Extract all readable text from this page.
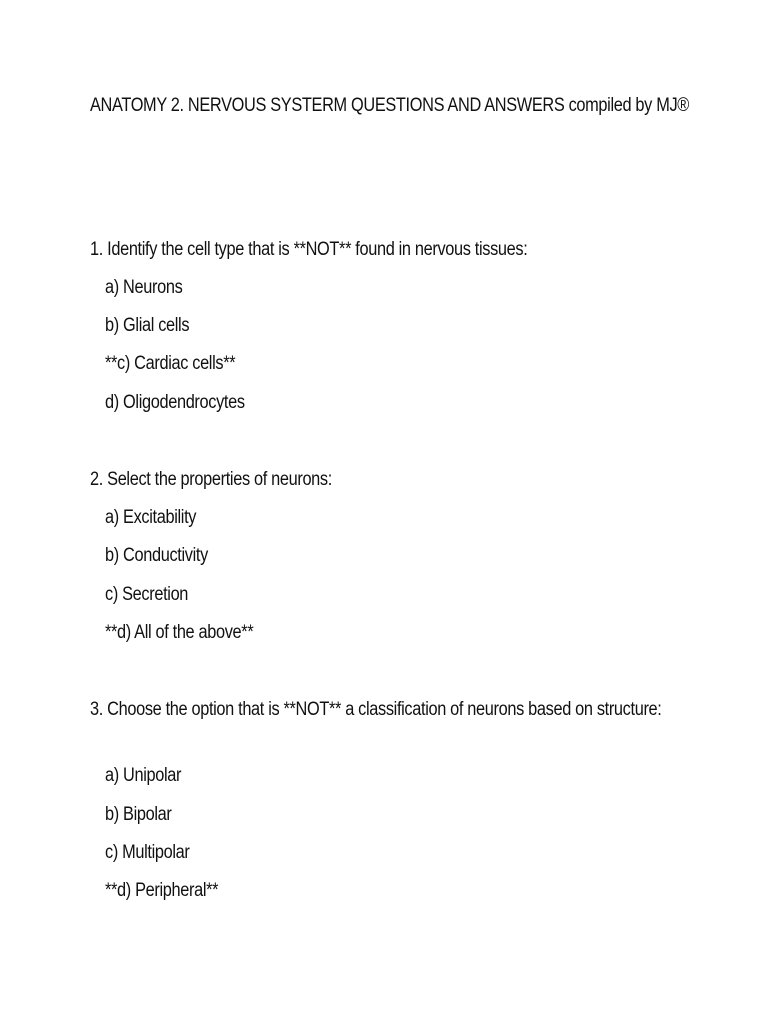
ANATOMY 2. NERVOUS SYSTERM QUESTIONS AND ANSWERS compiled by MJ®
1. Identify the cell type that is **NOT** found in nervous tissues:
a) Neurons
b) Glial cells
**c) Cardiac cells**
d) Oligodendrocytes
2. Select the properties of neurons:
a) Excitability
b) Conductivity
c) Secretion
**d) All of the above**
3. Choose the option that is **NOT** a classification of neurons based on structure:
a) Unipolar
b) Bipolar
c) Multipolar
**d) Peripheral**
